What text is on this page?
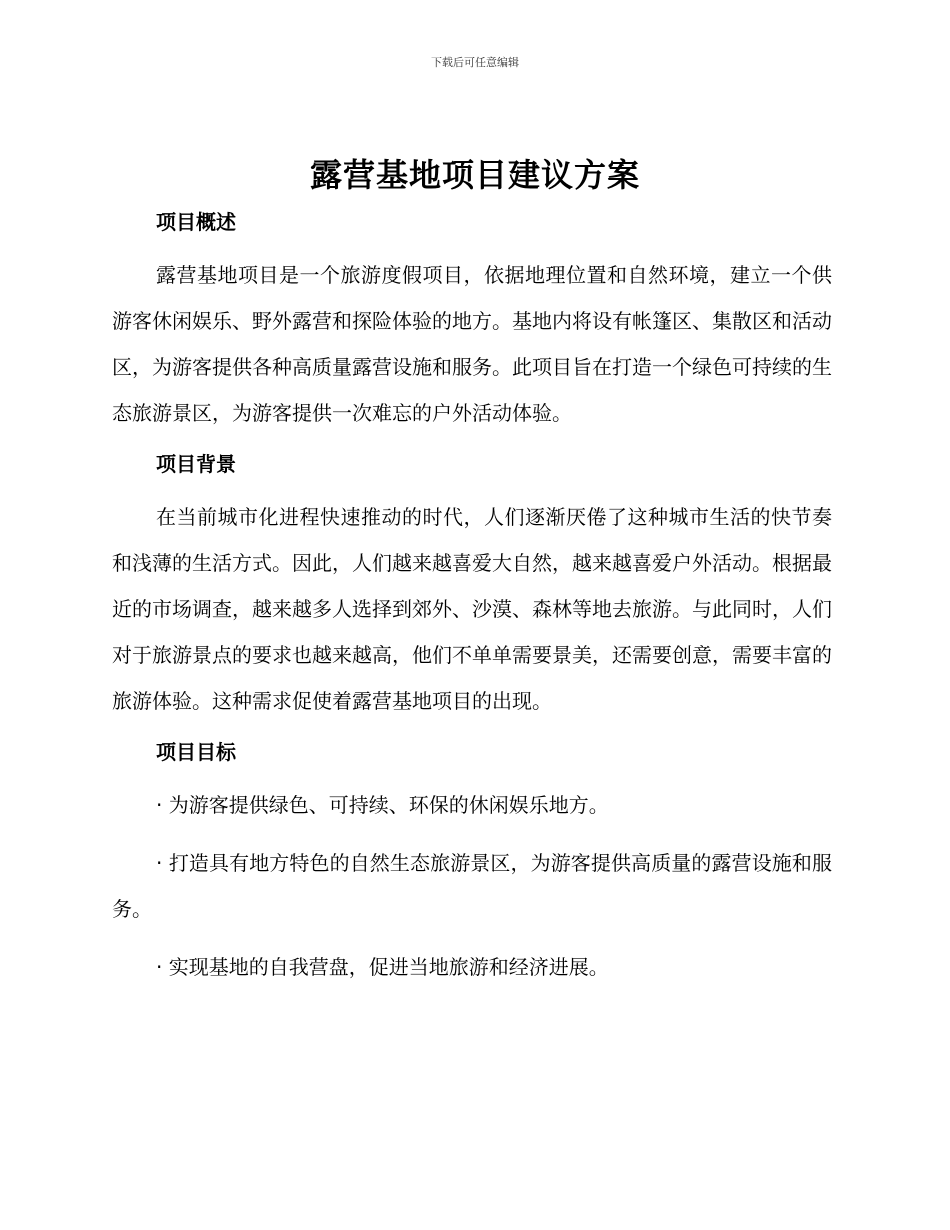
下载后可任意编辑
露营基地项目建议方案
项目概述

露营基地项目是一个旅游度假项目，依据地理位置和自然环境，建立一个供游客休闲娱乐、野外露营和探险体验的地方。基地内将设有帐篷区、集散区和活动区，为游客提供各种高质量露营设施和服务。此项目旨在打造一个绿色可持续的生态旅游景区，为游客提供一次难忘的户外活动体验。

项目背景

在当前城市化进程快速推动的时代，人们逐渐厌倦了这种城市生活的快节奏和浅薄的生活方式。因此，人们越来越喜爱大自然，越来越喜爱户外活动。根据最近的市场调查，越来越多人选择到郊外、沙漠、森林等地去旅游。与此同时，人们对于旅游景点的要求也越来越高，他们不单单需要景美，还需要创意，需要丰富的旅游体验。这种需求促使着露营基地项目的出现。

项目目标

· 为游客提供绿色、可持续、环保的休闲娱乐地方。

· 打造具有地方特色的自然生态旅游景区，为游客提供高质量的露营设施和服务。

· 实现基地的自我营盘，促进当地旅游和经济进展。
